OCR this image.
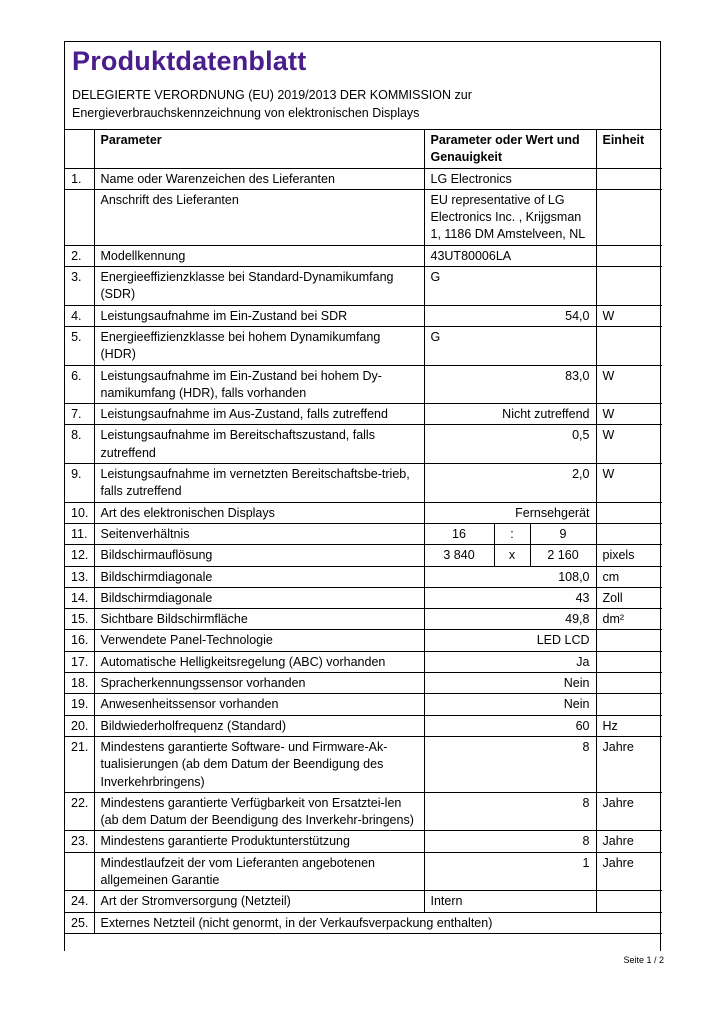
Produktdatenblatt
DELEGIERTE VERORDNUNG (EU) 2019/2013 DER KOMMISSION zur
Energieverbrauchskennzeichnung von elektronischen Displays
	Parameter	Parameter oder Wert und Genauigkeit			Einheit
1.	Name oder Warenzeichen des Lieferanten	LG Electronics			
	Anschrift des Lieferanten	EU representative of LG Electronics Inc. , Krijgsman 1, 1186 DM Amstelveen, NL			
2.	Modellkennung	43UT80006LA			
3.	Energieeffizienzklasse bei Standard-Dynamikumfang (SDR)	G			
4.	Leistungsaufnahme im Ein-Zustand bei SDR	54,0			W
5.	Energieeffizienzklasse bei hohem Dynamikumfang (HDR)	G			
6.	Leistungsaufnahme im Ein-Zustand bei hohem Dy-namikumfang (HDR), falls vorhanden	83,0			W
7.	Leistungsaufnahme im Aus-Zustand, falls zutreffend	Nicht zutreffend			W
8.	Leistungsaufnahme im Bereitschaftszustand, falls zutreffend	0,5			W
9.	Leistungsaufnahme im vernetzten Bereitschaftsbe-trieb, falls zutreffend	2,0			W
10.	Art des elektronischen Displays	Fernsehgerät			
11.	Seitenverhältnis	16	:	9	
12.	Bildschirmauflösung	3 840	x	2 160	pixels
13.	Bildschirmdiagonale	108,0			cm
14.	Bildschirmdiagonale	43			Zoll
15.	Sichtbare Bildschirmfläche	49,8			dm²
16.	Verwendete Panel-Technologie	LED LCD			
17.	Automatische Helligkeitsregelung (ABC) vorhanden	Ja			
18.	Spracherkennungssensor vorhanden	Nein			
19.	Anwesenheitssensor vorhanden	Nein			
20.	Bildwiederholfrequenz (Standard)	60			Hz
21.	Mindestens garantierte Software- und Firmware-Ak-tualisierungen (ab dem Datum der Beendigung des Inverkehrbringens)	8			Jahre
22.	Mindestens garantierte Verfügbarkeit von Ersatztei-len (ab dem Datum der Beendigung des Inverkehr-bringens)	8			Jahre
23.	Mindestens garantierte Produktunterstützung	8			Jahre
	Mindestlaufzeit der vom Lieferanten angebotenen allgemeinen Garantie	1			Jahre
24.	Art der Stromversorgung (Netzteil)	Intern			
25.	Externes Netzteil (nicht genormt, in der Verkaufsverpackung enthalten)				
Seite 1 / 2
